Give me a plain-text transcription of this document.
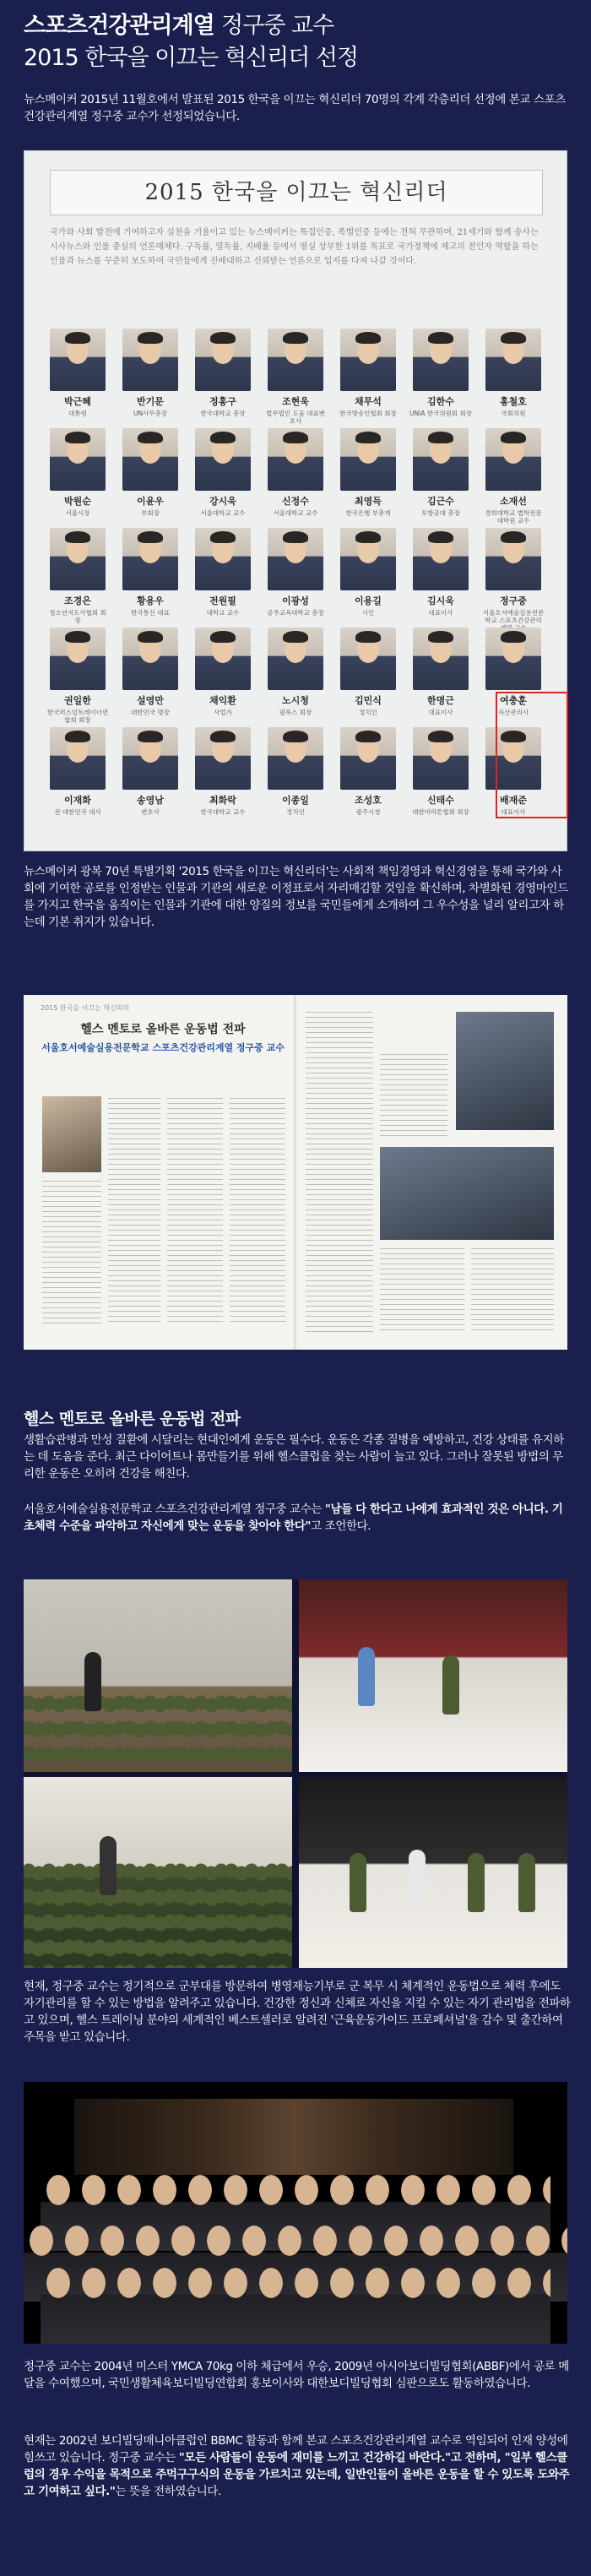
스포츠건강관리계열 정구중 교수
2015 한국을 이끄는 혁신리더 선정
뉴스메이커 2015년 11월호에서 발표된 2015 한국을 이끄는 혁신리더 70명의 각계 각층리더 선정에 본교 스포츠건강관리계열 정구중 교수가 선정되었습니다.
2015 한국을 이끄는 혁신리더
국가와 사회 발전에 기여하고자 실천을 기울이고 있는 뉴스메이커는 특집인증, 족벌인증 등에는 전혀 무관하며, 21세기와 함께 송사는 시사뉴스와 인물 중심의 언론매체다. 구독률, 열독률, 지배율 등에서 영실 상부한 1위를 목표로 국가정책에 제고의 전인자 역할을 하는 인물과 뉴스를 꾸준히 보도하여 국민들에게 진배대하고 신뢰받는 언론으로 입지를 다져 나갈 것이다.
박근혜
대통령
반기문
UN사무총장
정홍구
한국대학교 총장
조현욱
법무법인 도움 대표변호사
채무석
한국방송인협회 회장
김한수
UNIA 한국위원회 회장
홍철호
국회의원
박원순
서울시장
이윤우
부회장
강시욱
서울대학교 교수
신정수
서울대학교 교수
최영득
한국은행 부총재
김근수
포항공대 총장
소재선
경희대학교 법학전문대학원 교수
조경은
청소년지도사협회 회장
황용우
한국통신 대표
전원필
대학교 교수
이광성
공주교육대학교 총장
이용길
시인
김시욱
대표이사
정구중
서울호서예술실용전문학교 스포츠건강관리
권일한
한국퍼스널트레이너연합회 회장
설영만
대한민국 명장
채익환
사업가
노시청
필룩스 회장
김민식
정치인
한명근
대표이사
여충훈
자산관리사
이재화
전 대한민국 대사
송영남
변호사
최화락
한국대학교 교수
이종일
정치인
조성호
광주시청
신태수
대한마라톤협회 회장
배재준
대표이사
뉴스메이커 광복 70년 특별기획 '2015 한국을 이끄는 혁신리더'는 사회적 책임경영과 혁신경영을 통해 국가와 사회에 기여한 공로를 인정받는 인물과 기관의 새로운 이정표로서 자리매김할 것임을 확신하며, 차별화된 경영마인드를 가지고 한국을 움직이는 인물과 기관에 대한 양질의 정보를 국민들에게 소개하여 그 우수성을 널리 알리고자 하는데 기본 취지가 있습니다.
2015 한국을 이끄는 혁신리더
헬스 멘토로 올바른 운동법 전파
서울호서예술실용전문학교 스포츠건강관리계열 정구중 교수
헬스 멘토로 올바른 운동법 전파
생활습관병과 만성 질환에 시달리는 현대인에게 운동은 필수다. 운동은 각종 질병을 예방하고, 건강 상태를 유지하는 데 도움을 준다. 최근 다이어트나 몸만들기를 위해 헬스클럽을 찾는 사람이 늘고 있다. 그러나 잘못된 방법의 무리한 운동은 오히려 건강을 해친다.
서울호서예술실용전문학교 스포츠건강관리계열 정구중 교수는 "남들 다 한다고 나에게 효과적인 것은 아니다. 기초체력 수준을 파악하고 자신에게 맞는 운동을 찾아야 한다"고 조언한다.
현재, 정구중 교수는 정기적으로 군부대를 방문하여 병영재능기부로 군 복무 시 체계적인 운동법으로 체력 후에도 자기관리를 할 수 있는 방법을 알려주고 있습니다. 건강한 정신과 신체로 자신을 지킬 수 있는 자기 관리법을 전파하고 있으며, 헬스 트레이닝 분야의 세계적인 베스트셀러로 알려진 '근육운동가이드 프로페셔널'을 감수 및 출간하여 주목을 받고 있습니다.
정구중 교수는 2004년 미스터 YMCA 70kg 이하 체급에서 우승, 2009년 아시아보디빌딩협회(ABBF)에서 공로 메달을 수여했으며, 국민생활체육보디빌딩연합회 홍보이사와 대한보디빌딩협회 심판으로도 활동하였습니다.
현재는 2002년 보디빌딩매니아클럽인 BBMC 활동과 함께 본교 스포츠건강관리계열 교수로 역임되어 인재 양성에 힘쓰고 있습니다. 정구중 교수는 "모든 사람들이 운동에 재미를 느끼고 건강하길 바란다."고 전하며, "일부 헬스클럽의 경우 수익을 목적으로 주먹구구식의 운동을 가르치고 있는데, 일반인들이 올바른 운동을 할 수 있도록 도와주고 기여하고 싶다."는 뜻을 전하였습니다.
